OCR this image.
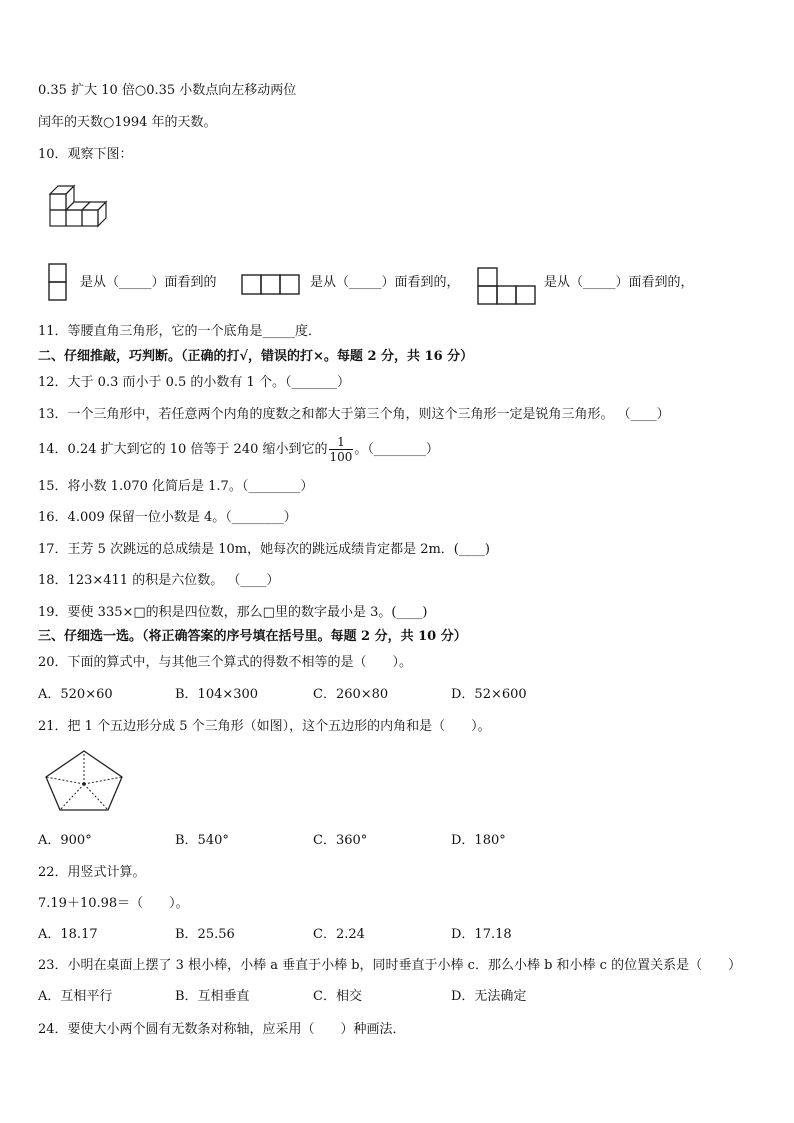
0.35 扩大 10 倍○0.35 小数点向左移动两位
闰年的天数○1994 年的天数。
10．观察下图：
是从（_____）面看到的	是从（_____）面看到的，	是从（_____）面看到的，
11．等腰直角三角形，它的一个底角是_____度．
二、仔细推敲，巧判断。（正确的打√，错误的打×。每题 2 分，共 16 分）
12．大于 0.3 而小于 0.5 的小数有 1 个。（_______）
13．一个三角形中，若任意两个内角的度数之和都大于第三个角，则这个三角形一定是锐角三角形。 （____）
14．0.24 扩大到它的 10 倍等于 240 缩小到它的 $\frac{1}{100}$ 。（________）
15．将小数 1.070 化简后是 1.7。（________）
16．4.009 保留一位小数是 4。（________）
17．王芳 5 次跳远的总成绩是 10m，她每次的跳远成绩肯定都是 2m．(____)
18．123×411 的积是六位数。 （____）
19．要使 335×□的积是四位数，那么□里的数字最小是 3。(____)
三、仔细选一选。（将正确答案的序号填在括号里。每题 2 分，共 10 分）
20．下面的算式中，与其他三个算式的得数不相等的是（　　）。
A．520×60	B．104×300	C．260×80	D．52×600
21．把 1 个五边形分成 5 个三角形（如图），这个五边形的内角和是（　　）。
A．900°	B．540°	C．360°	D．180°
22．用竖式计算。
7.19＋10.98＝（　　）。
A．18.17	B．25.56	C．2.24	D．17.18
23．小明在桌面上摆了 3 根小棒，小棒 a 垂直于小棒 b，同时垂直于小棒 c．那么小棒 b 和小棒 c 的位置关系是（　　）
A．互相平行	B．互相垂直	C．相交	D．无法确定
24．要使大小两个圆有无数条对称轴，应采用（　　）种画法．
